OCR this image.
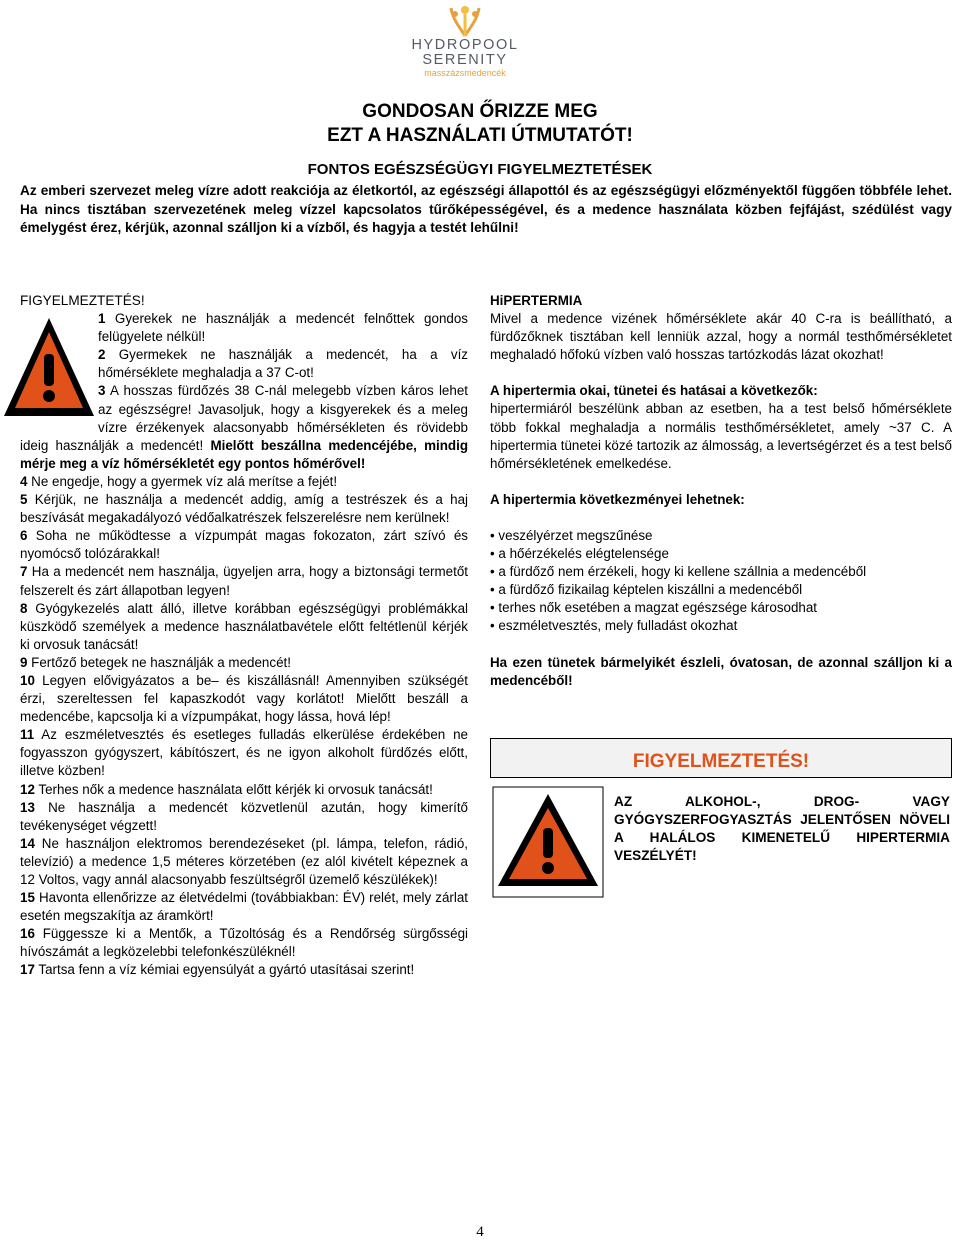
HYDROPOOL
SERENITY
masszázsmedencék
GONDOSAN ŐRIZZE MEG
EZT A HASZNÁLATI ÚTMUTATÓT!
FONTOS EGÉSZSÉGÜGYI FIGYELMEZTETÉSEK

Az emberi szervezet meleg vízre adott reakciója az életkortól, az egészségi állapottól és az egészségügyi előzményektől függően többféle lehet. Ha nincs tisztában szervezetének meleg vízzel kapcsolatos tűrőképességével, és a medence használata közben fejfájást, szédülést vagy émelygést érez, kérjük, azonnal szálljon ki a vízből, és hagyja a testét lehűlni!

FIGYELMEZTETÉS!

1 Gyerekek ne használják a medencét felnőttek gondos felügyelete nélkül!

2 Gyermekek ne használják a medencét, ha a víz hőmérséklete meghaladja a 37 C-ot!

3 A hosszas fürdőzés 38 C-nál melegebb vízben káros lehet az egészségre! Javasoljuk, hogy a kisgyerekek és a meleg vízre érzékenyek alacsonyabb hőmérsékleten és rövidebb ideig használják a medencét! Mielőtt beszállna medencéjébe, mindig mérje meg a víz hőmérsékletét egy pontos hőmérővel!

4 Ne engedje, hogy a gyermek víz alá merítse a fejét!

5 Kérjük, ne használja a medencét addig, amíg a testrészek és a haj beszívását megakadályozó védőalkatrészek felszerelésre nem kerülnek!

6 Soha ne működtesse a vízpumpát magas fokozaton, zárt szívó és nyomócső tolózárakkal!

7 Ha a medencét nem használja, ügyeljen arra, hogy a biztonsági termetőt felszerelt és zárt állapotban legyen!

8 Gyógykezelés alatt álló, illetve korábban egészségügyi problémákkal küszködő személyek a medence használatbavétele előtt feltétlenül kérjék ki orvosuk tanácsát!

9 Fertőző betegek ne használják a medencét!

10 Legyen elővigyázatos a be– és kiszállásnál! Amennyiben szükségét érzi, szereltessen fel kapaszkodót vagy korlátot! Mielőtt beszáll a medencébe, kapcsolja ki a vízpumpákat, hogy lássa, hová lép!

11 Az eszméletvesztés és esetleges fulladás elkerülése érdekében ne fogyasszon gyógyszert, kábítószert, és ne igyon alkoholt fürdőzés előtt, illetve közben!

12 Terhes nők a medence használata előtt kérjék ki orvosuk tanácsát!

13 Ne használja a medencét közvetlenül azután, hogy kimerítő tevékenységet végzett!

14 Ne használjon elektromos berendezéseket (pl. lámpa, telefon, rádió, televízió) a medence 1,5 méteres körzetében (ez alól kivételt képeznek a 12 Voltos, vagy annál alacsonyabb feszültségről üzemelő készülékek)!

15 Havonta ellenőrizze az életvédelmi (továbbiakban: ÉV) relét, mely zárlat esetén megszakítja az áramkört!

16 Függessze ki a Mentők, a Tűzoltóság és a Rendőrség sürgősségi hívószámát a legközelebbi telefonkészüléknél!

17 Tartsa fenn a víz kémiai egyensúlyát a gyártó utasításai szerint!

HiPERTERMIA

Mivel a medence vizének hőmérséklete akár 40 C-ra is beállítható, a fürdőzőknek tisztában kell lenniük azzal, hogy a normál testhőmérsékletet meghaladó hőfokú vízben való hosszas tartózkodás lázat okozhat!

A hipertermia okai, tünetei és hatásai a következők:

hipertermiáról beszélünk abban az esetben, ha a test belső hőmérséklete több fokkal meghaladja a normális testhőmérsékletet, amely ~37 C. A hipertermia tünetei közé tartozik az álmosság, a levertségérzet és a test belső hőmérsékletének emelkedése.

A hipertermia következményei lehetnek:

• veszélyérzet megszűnése
• a hőérzékelés elégtelensége
• a fürdőző nem érzékeli, hogy ki kellene szállnia a medencéből
• a fürdőző fizikailag képtelen kiszállni a medencéből
• terhes nők esetében a magzat egészsége károsodhat
• eszméletvesztés, mely fulladást okozhat

Ha ezen tünetek bármelyikét észleli, óvatosan, de azonnal szálljon ki a medencéből!

FIGYELMEZTETÉS!

AZ ALKOHOL-, DROG- VAGY GYÓGYSZERFOGYASZTÁS JELENTŐSEN NÖVELI A HALÁLOS KIMENETELŰ HIPERTERMIA VESZÉLYÉT!

4
